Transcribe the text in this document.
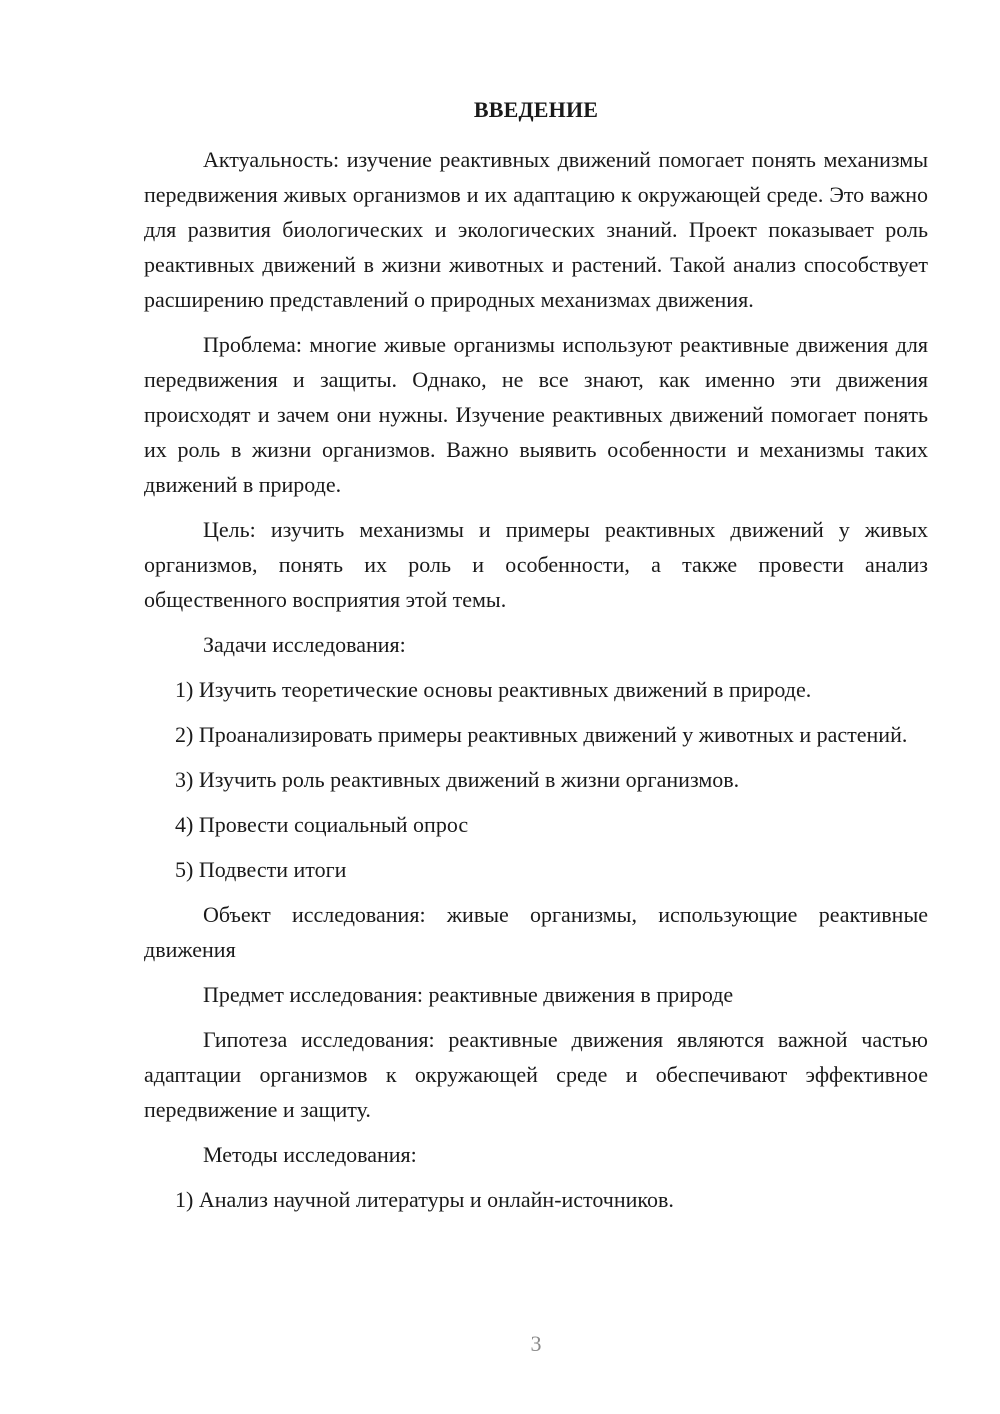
ВВЕДЕНИЕ

Актуальность: изучение реактивных движений помогает понять механизмы передвижения живых организмов и их адаптацию к окружающей среде. Это важно для развития биологических и экологических знаний. Проект показывает роль реактивных движений в жизни животных и растений. Такой анализ способствует расширению представлений о природных механизмах движения.

Проблема: многие живые организмы используют реактивные движения для передвижения и защиты. Однако, не все знают, как именно эти движения происходят и зачем они нужны. Изучение реактивных движений помогает понять их роль в жизни организмов. Важно выявить особенности и механизмы таких движений в природе.

Цель: изучить механизмы и примеры реактивных движений у живых организмов, понять их роль и особенности, а также провести анализ общественного восприятия этой темы.

Задачи исследования:

1) Изучить теоретические основы реактивных движений в природе.

2) Проанализировать примеры реактивных движений у животных и растений.

3) Изучить роль реактивных движений в жизни организмов.

4) Провести социальный опрос

5) Подвести итоги

Объект исследования: живые организмы, использующие реактивные движения

Предмет исследования: реактивные движения в природе

Гипотеза исследования: реактивные движения являются важной частью адаптации организмов к окружающей среде и обеспечивают эффективное передвижение и защиту.

Методы исследования:

1) Анализ научной литературы и онлайн-источников.

3
